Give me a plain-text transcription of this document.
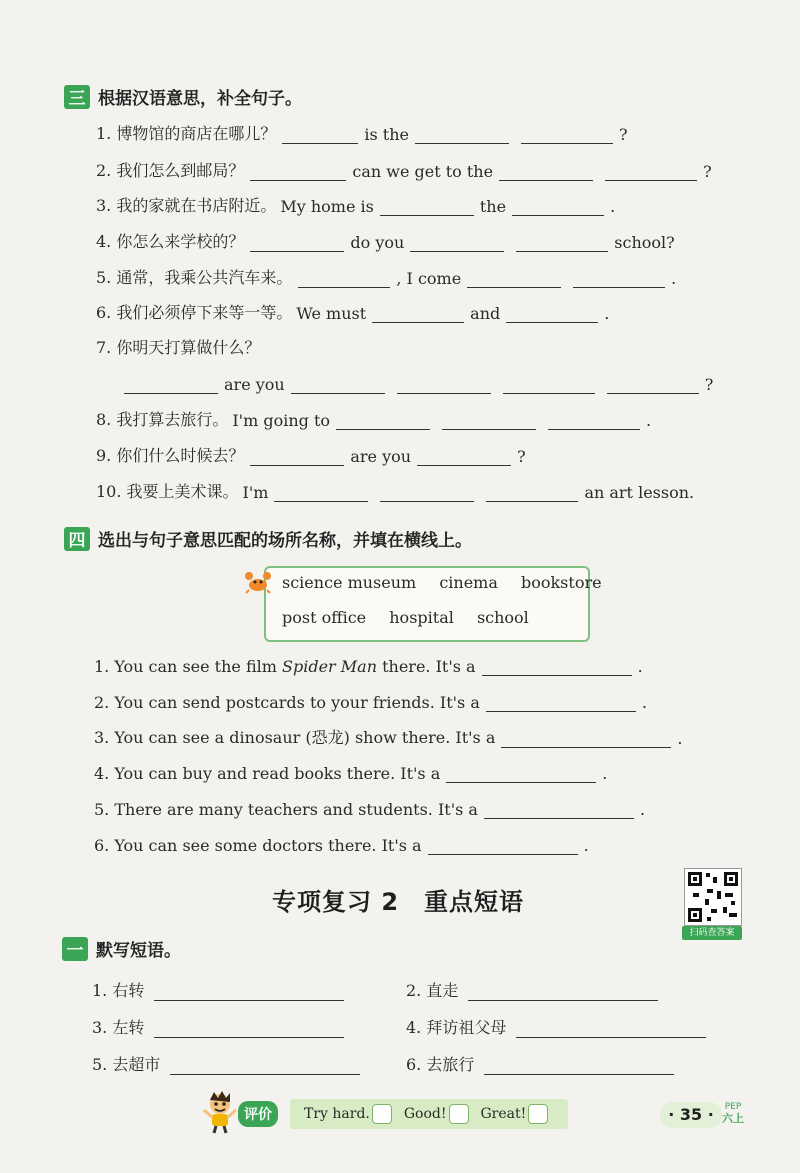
三 根据汉语意思，补全句子。
1. 博物馆的商店在哪儿？	is the	?
2. 我们怎么到邮局？	can we get to the	?
3. 我的家就在书店附近。 My home is	the	.
4. 你怎么来学校的？	do you	school?
5. 通常，我乘公共汽车来。	, I come	.
6. 我们必须停下来等一等。 We must	and	.
7. 你明天打算做什么？
are you	?
8. 我打算去旅行。 I'm going to	.
9. 你们什么时候去？	are you	?
10. 我要上美术课。 I'm	an art lesson.
四 选出与句子意思匹配的场所名称，并填在横线上。
science museum cinema bookstore
post office hospital school
1. You can see the film Spider Man there. It's a	.
2. You can send postcards to your friends. It's a	.
3. You can see a dinosaur (恐龙) show there. It's a	.
4. You can buy and read books there. It's a	.
5. There are many teachers and students. It's a	.
6. You can see some doctors there. It's a	.
专项复习 2　重点短语
扫码查答案
一 默写短语。
1. 右转	2. 直走
3. 左转	4. 拜访祖父母
5. 去超市	6. 去旅行
评价	Try hard. Good! Great!	· 35 ·	PEP
六上
